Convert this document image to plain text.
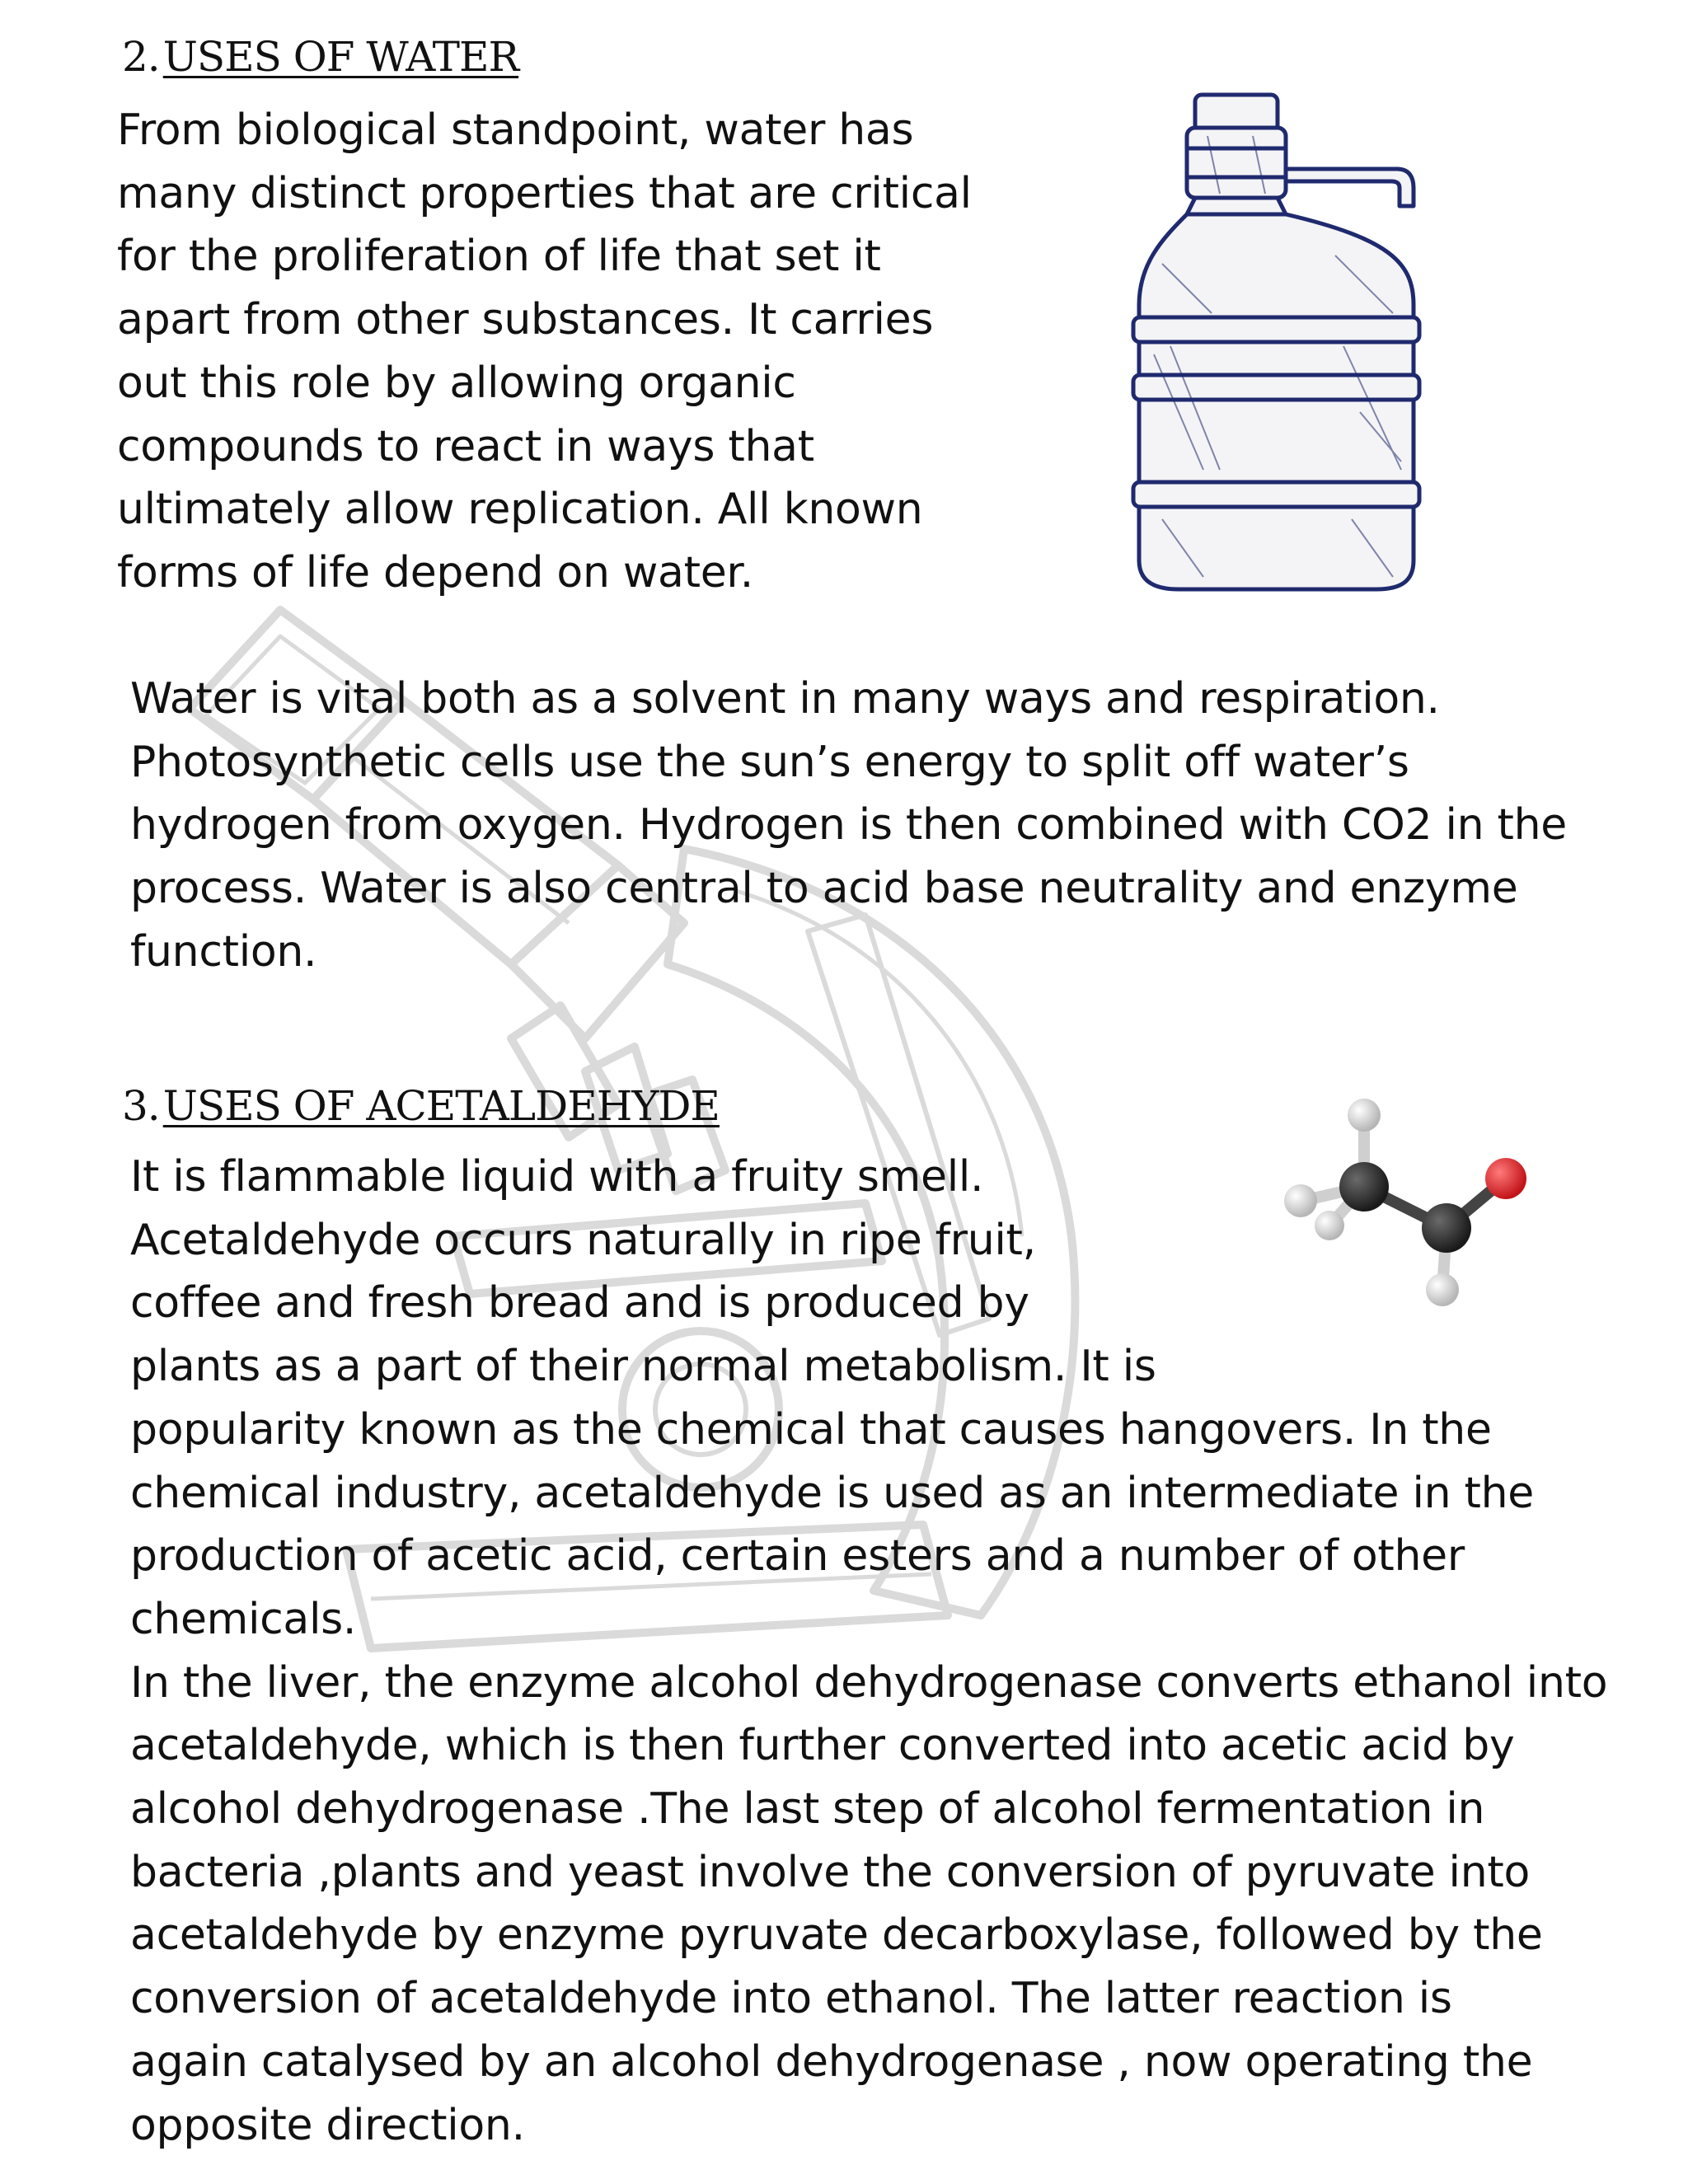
2.USES OF WATER
From biological standpoint, water has
many distinct properties that are critical
for the proliferation of life that set it
apart from other substances. It carries
out this role by allowing organic
compounds to react in ways that
ultimately allow replication. All known
forms of life depend on water.
Water is vital both as a solvent in many ways and respiration.
Photosynthetic cells use the sun’s energy to split off water’s
hydrogen from oxygen. Hydrogen is then combined with CO2 in the
process. Water is also central to acid base neutrality and enzyme
function.
3.USES OF ACETALDEHYDE
It is flammable liquid with a fruity smell.
Acetaldehyde occurs naturally in ripe fruit,
coffee and fresh bread and is produced by
plants as a part of their normal metabolism. It is
popularity known as the chemical that causes hangovers. In the
chemical industry, acetaldehyde is used as an intermediate in the
production of acetic acid, certain esters and a number of other
chemicals.
In the liver, the enzyme alcohol dehydrogenase converts ethanol into
acetaldehyde, which is then further converted into acetic acid by
alcohol dehydrogenase .The last step of alcohol fermentation in
bacteria ,plants and yeast involve the conversion of pyruvate into
acetaldehyde by enzyme pyruvate decarboxylase, followed by the
conversion of acetaldehyde into ethanol. The latter reaction is
again catalysed by an alcohol dehydrogenase , now operating the
opposite direction.
